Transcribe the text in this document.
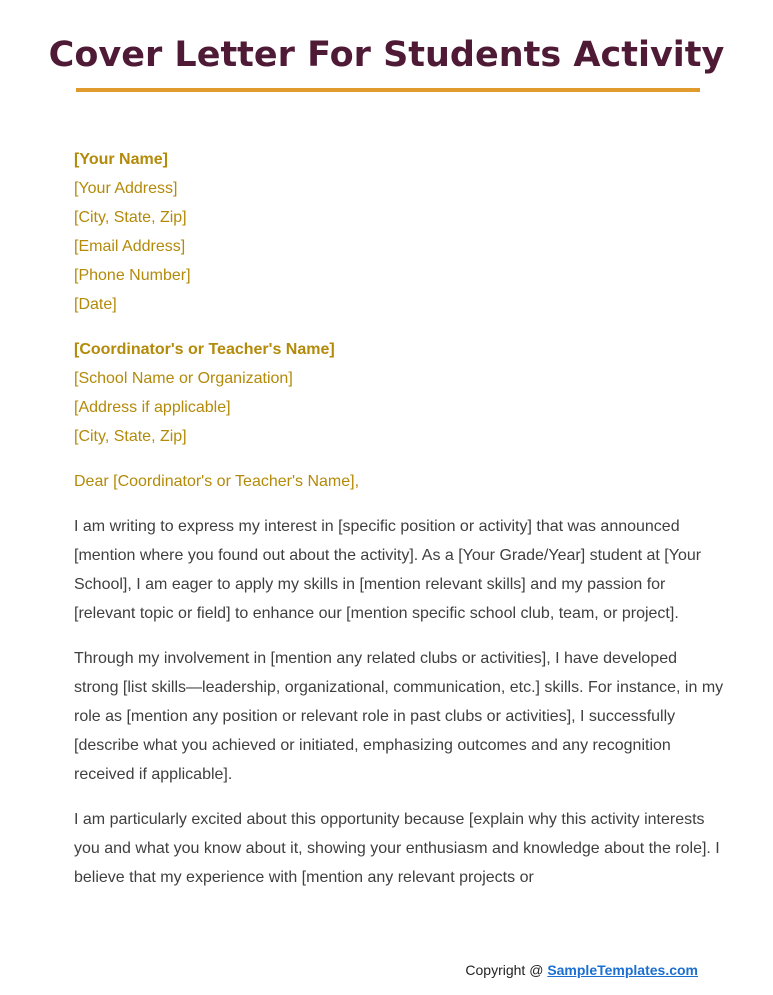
Cover Letter For Students Activity
[Your Name]
[Your Address]
[City, State, Zip]
[Email Address]
[Phone Number]
[Date]
[Coordinator's or Teacher's Name]
[School Name or Organization]
[Address if applicable]
[City, State, Zip]
Dear [Coordinator's or Teacher's Name],

I am writing to express my interest in [specific position or activity] that was announced [mention where you found out about the activity]. As a [Your Grade/Year] student at [Your School], I am eager to apply my skills in [mention relevant skills] and my passion for [relevant topic or field] to enhance our [mention specific school club, team, or project].

Through my involvement in [mention any related clubs or activities], I have developed strong [list skills—leadership, organizational, communication, etc.] skills. For instance, in my role as [mention any position or relevant role in past clubs or activities], I successfully [describe what you achieved or initiated, emphasizing outcomes and any recognition received if applicable].

I am particularly excited about this opportunity because [explain why this activity interests you and what you know about it, showing your enthusiasm and knowledge about the role]. I believe that my experience with [mention any relevant projects or

Copyright @ SampleTemplates.com
